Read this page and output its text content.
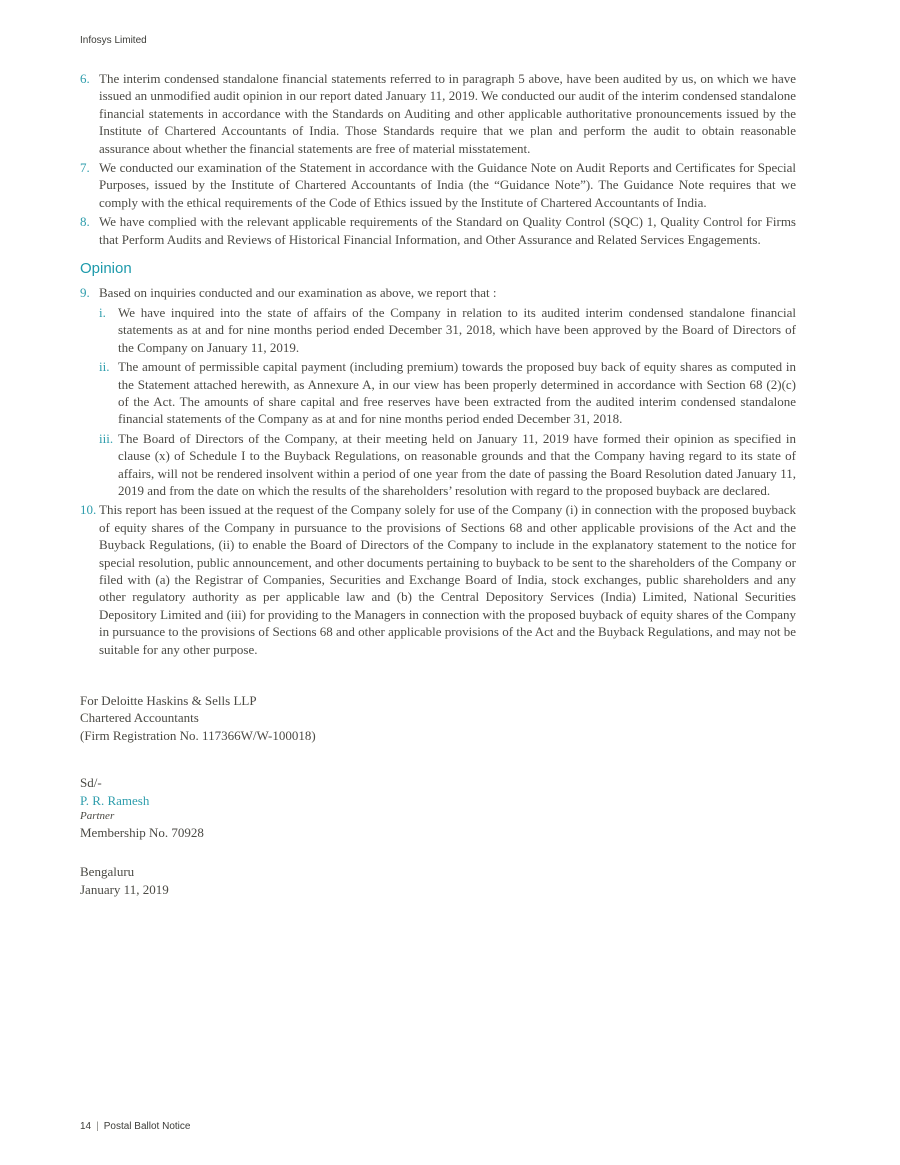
Infosys Limited
6. The interim condensed standalone financial statements referred to in paragraph 5 above, have been audited by us, on which we have issued an unmodified audit opinion in our report dated January 11, 2019. We conducted our audit of the interim condensed standalone financial statements in accordance with the Standards on Auditing and other applicable authoritative pronouncements issued by the Institute of Chartered Accountants of India. Those Standards require that we plan and perform the audit to obtain reasonable assurance about whether the financial statements are free of material misstatement.
7. We conducted our examination of the Statement in accordance with the Guidance Note on Audit Reports and Certificates for Special Purposes, issued by the Institute of Chartered Accountants of India (the “Guidance Note”). The Guidance Note requires that we comply with the ethical requirements of the Code of Ethics issued by the Institute of Chartered Accountants of India.
8. We have complied with the relevant applicable requirements of the Standard on Quality Control (SQC) 1, Quality Control for Firms that Perform Audits and Reviews of Historical Financial Information, and Other Assurance and Related Services Engagements.
Opinion
9. Based on inquiries conducted and our examination as above, we report that :
i. We have inquired into the state of affairs of the Company in relation to its audited interim condensed standalone financial statements as at and for nine months period ended December 31, 2018, which have been approved by the Board of Directors of the Company on January 11, 2019.
ii. The amount of permissible capital payment (including premium) towards the proposed buy back of equity shares as computed in the Statement attached herewith, as Annexure A, in our view has been properly determined in accordance with Section 68 (2)(c) of the Act. The amounts of share capital and free reserves have been extracted from the audited interim condensed standalone financial statements of the Company as at and for nine months period ended December 31, 2018.
iii. The Board of Directors of the Company, at their meeting held on January 11, 2019 have formed their opinion as specified in clause (x) of Schedule I to the Buyback Regulations, on reasonable grounds and that the Company having regard to its state of affairs, will not be rendered insolvent within a period of one year from the date of passing the Board Resolution dated January 11, 2019 and from the date on which the results of the shareholders’ resolution with regard to the proposed buyback are declared.
10. This report has been issued at the request of the Company solely for use of the Company (i) in connection with the proposed buyback of equity shares of the Company in pursuance to the provisions of Sections 68 and other applicable provisions of the Act and the Buyback Regulations, (ii) to enable the Board of Directors of the Company to include in the explanatory statement to the notice for special resolution, public announcement, and other documents pertaining to buyback to be sent to the shareholders of the Company or filed with (a) the Registrar of Companies, Securities and Exchange Board of India, stock exchanges, public shareholders and any other regulatory authority as per applicable law and (b) the Central Depository Services (India) Limited, National Securities Depository Limited and (iii) for providing to the Managers in connection with the proposed buyback of equity shares of the Company in pursuance to the provisions of Sections 68 and other applicable provisions of the Act and the Buyback Regulations, and may not be suitable for any other purpose.
For Deloitte Haskins & Sells LLP
Chartered Accountants
(Firm Registration No. 117366W/W-100018)
Sd/-
P. R. Ramesh
Partner
Membership No. 70928
Bengaluru
January 11, 2019
14 | Postal Ballot Notice
